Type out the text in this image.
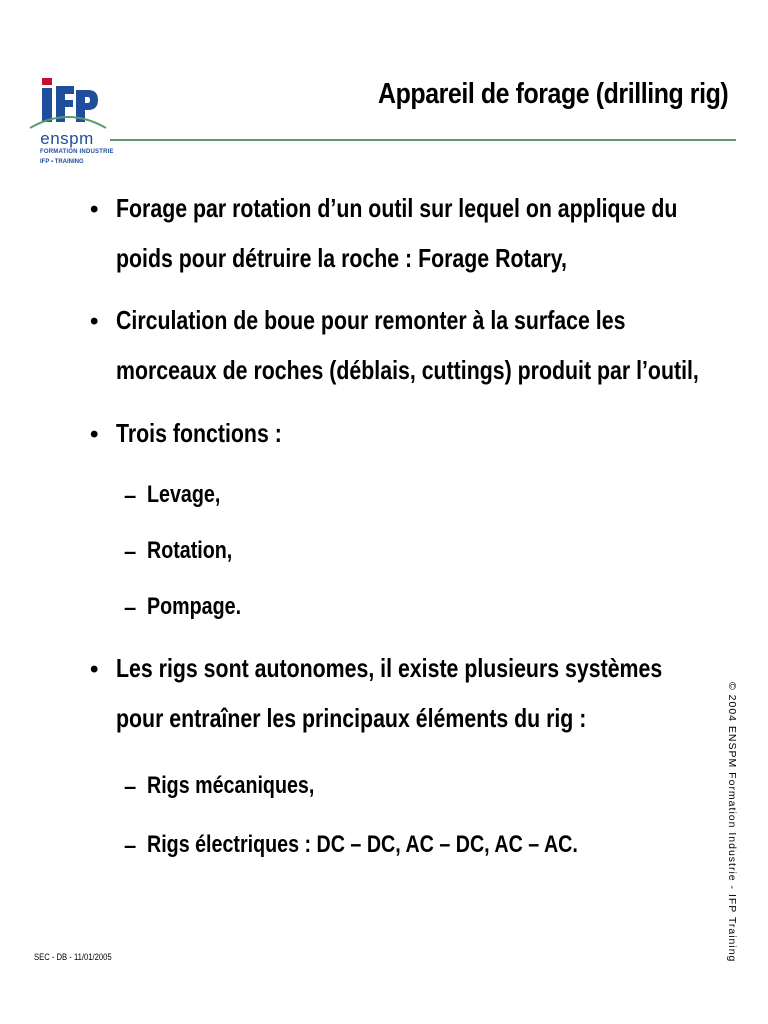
enspm
FORMATION INDUSTRIE
IFP ▪ TRAINING
Appareil de forage (drilling rig)
• Forage par rotation d’un outil sur lequel on applique du
poids pour détruire la roche : Forage Rotary,
• Circulation de boue pour remonter à la surface les
morceaux de roches (déblais, cuttings) produit par l’outil,
• Trois fonctions :
– Levage,
– Rotation,
– Pompage.
• Les rigs sont autonomes, il existe plusieurs systèmes
pour entraîner les principaux éléments du rig :
– Rigs mécaniques,
– Rigs électriques : DC – DC, AC – DC, AC – AC.	© 2004 ENSPM Formation Industrie - IFP Training
SEC - DB - 11/01/2005
